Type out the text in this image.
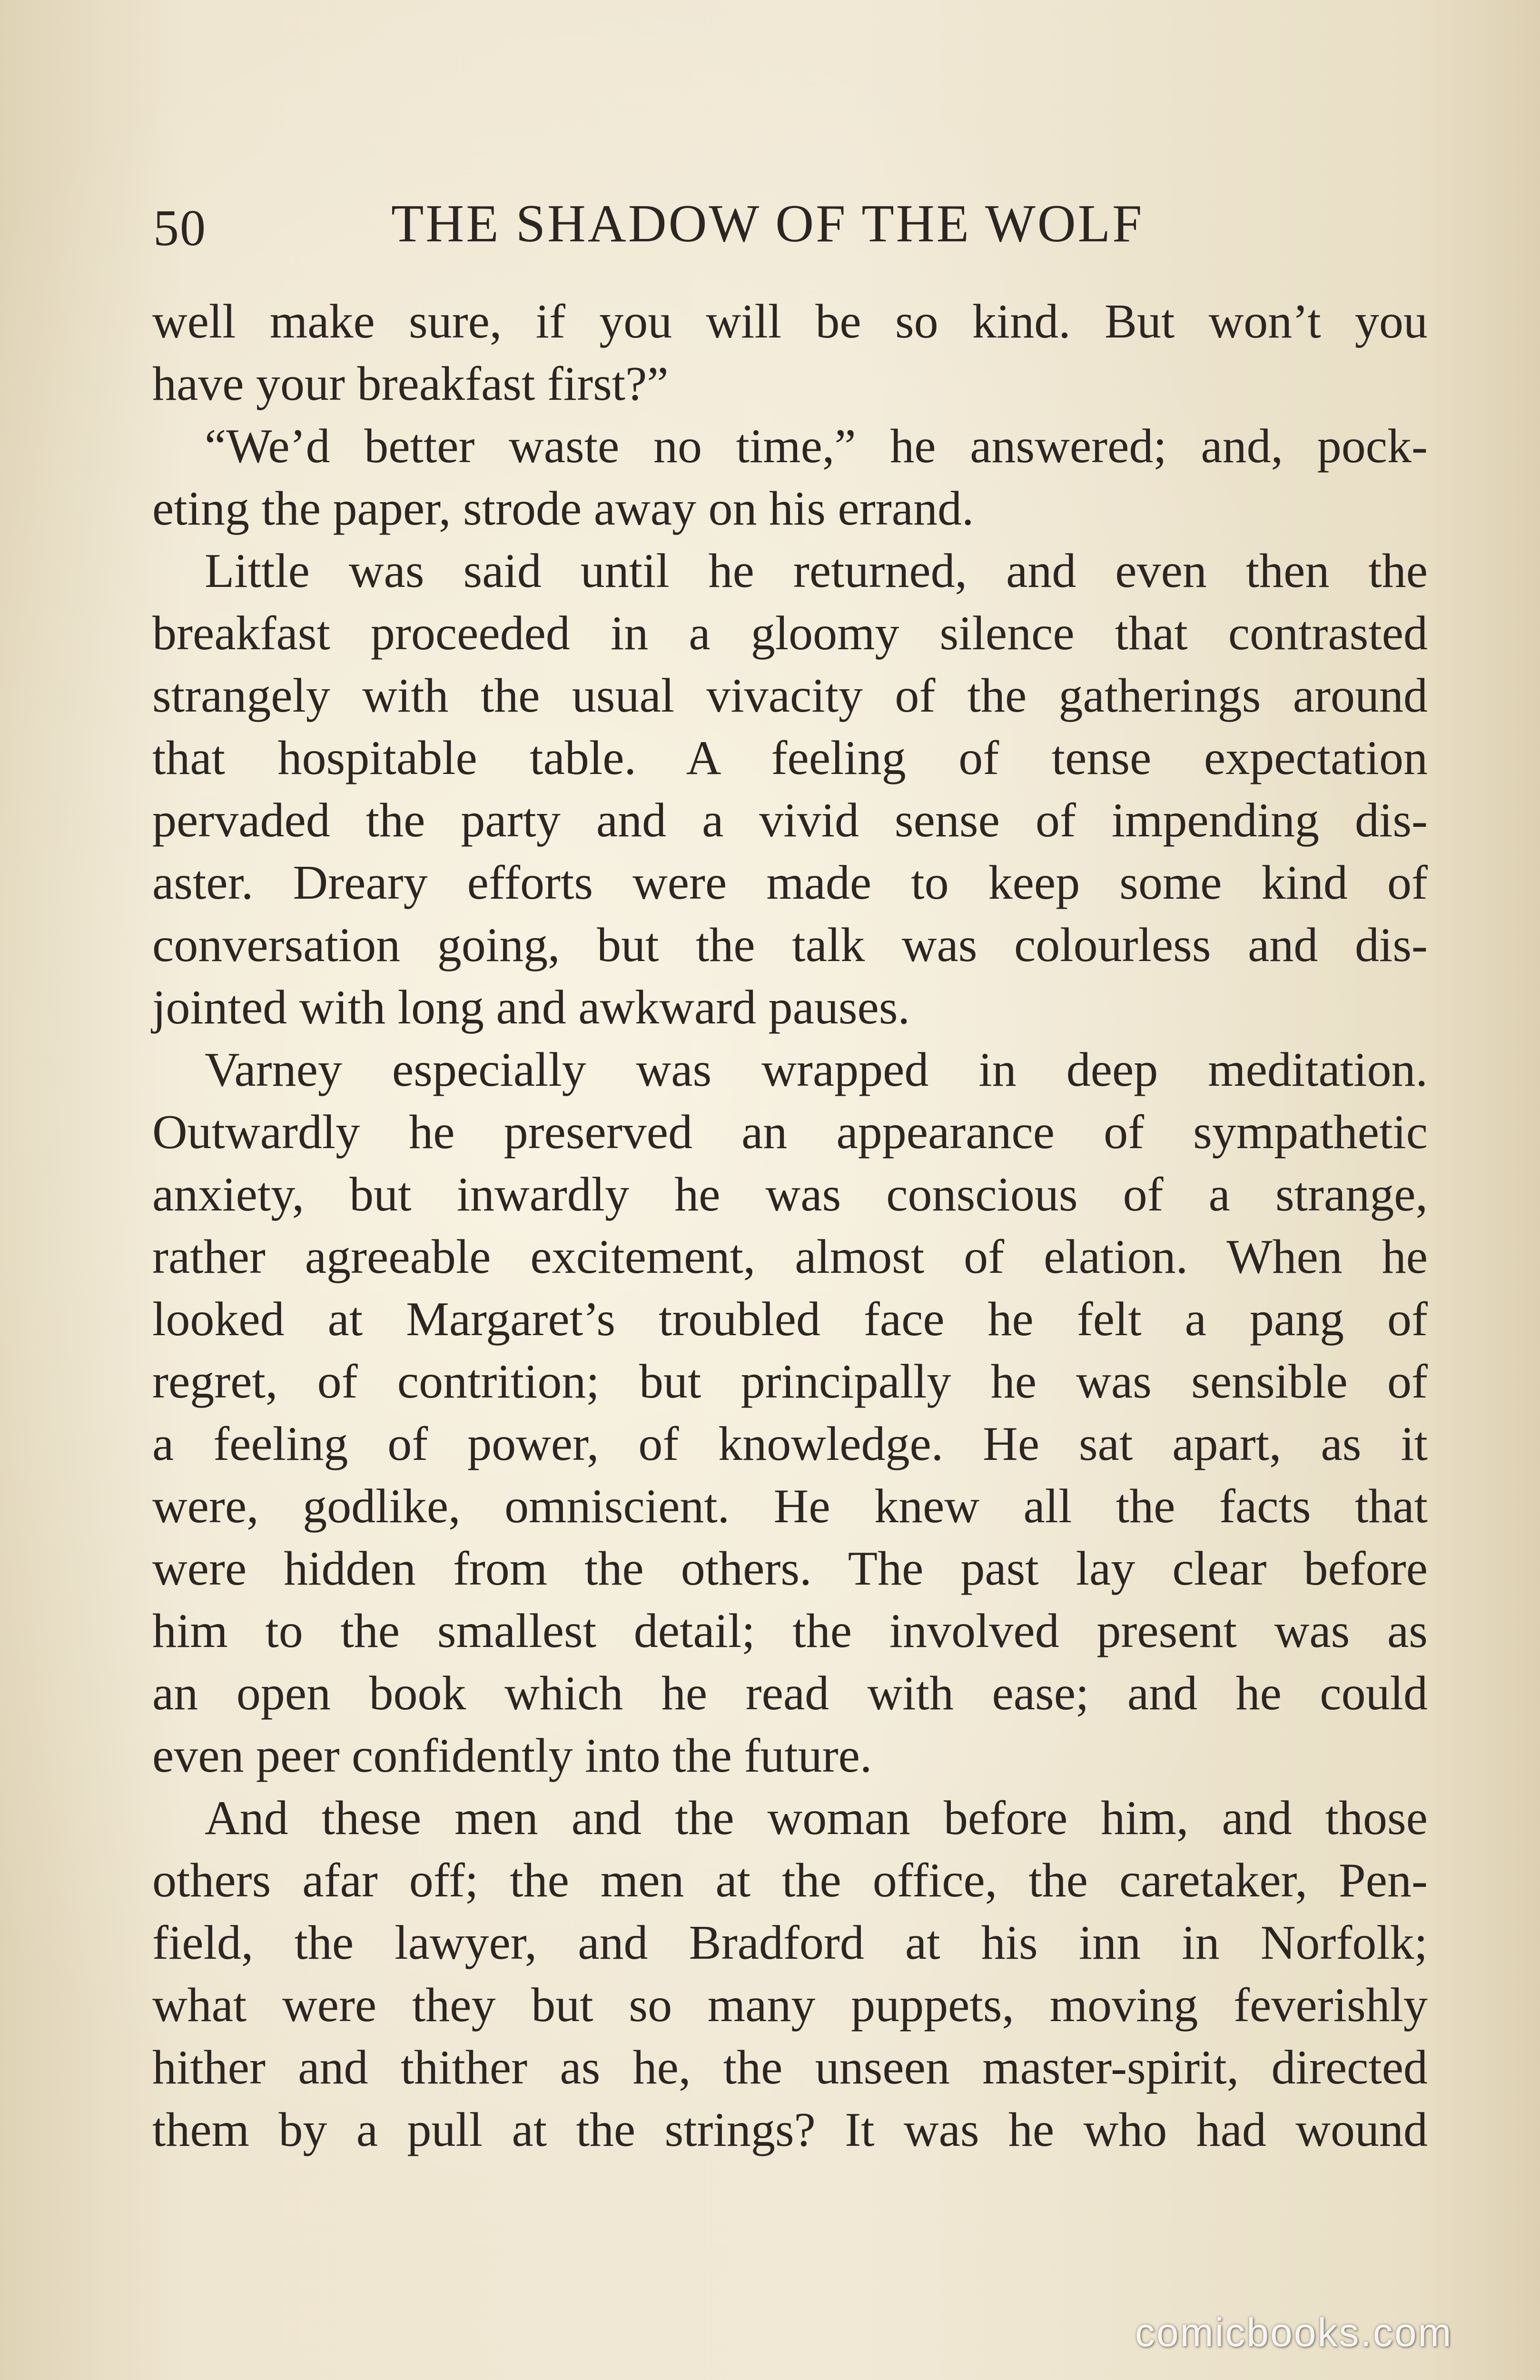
50	THE SHADOW OF THE WOLF
well make sure, if you will be so kind. But won’t you
have your breakfast first?”
“We’d better waste no time,” he answered; and, pock-
eting the paper, strode away on his errand.
Little was said until he returned, and even then the
breakfast proceeded in a gloomy silence that contrasted
strangely with the usual vivacity of the gatherings around
that hospitable table. A feeling of tense expectation
pervaded the party and a vivid sense of impending dis-
aster. Dreary efforts were made to keep some kind of
conversation going, but the talk was colourless and dis-
jointed with long and awkward pauses.
Varney especially was wrapped in deep meditation.
Outwardly he preserved an appearance of sympathetic
anxiety, but inwardly he was conscious of a strange,
rather agreeable excitement, almost of elation. When he
looked at Margaret’s troubled face he felt a pang of
regret, of contrition; but principally he was sensible of
a feeling of power, of knowledge. He sat apart, as it
were, godlike, omniscient. He knew all the facts that
were hidden from the others. The past lay clear before
him to the smallest detail; the involved present was as
an open book which he read with ease; and he could
even peer confidently into the future.
And these men and the woman before him, and those
others afar off; the men at the office, the caretaker, Pen-
field, the lawyer, and Bradford at his inn in Norfolk;
what were they but so many puppets, moving feverishly
hither and thither as he, the unseen master-spirit, directed
them by a pull at the strings? It was he who had wound
comicbooks.com
